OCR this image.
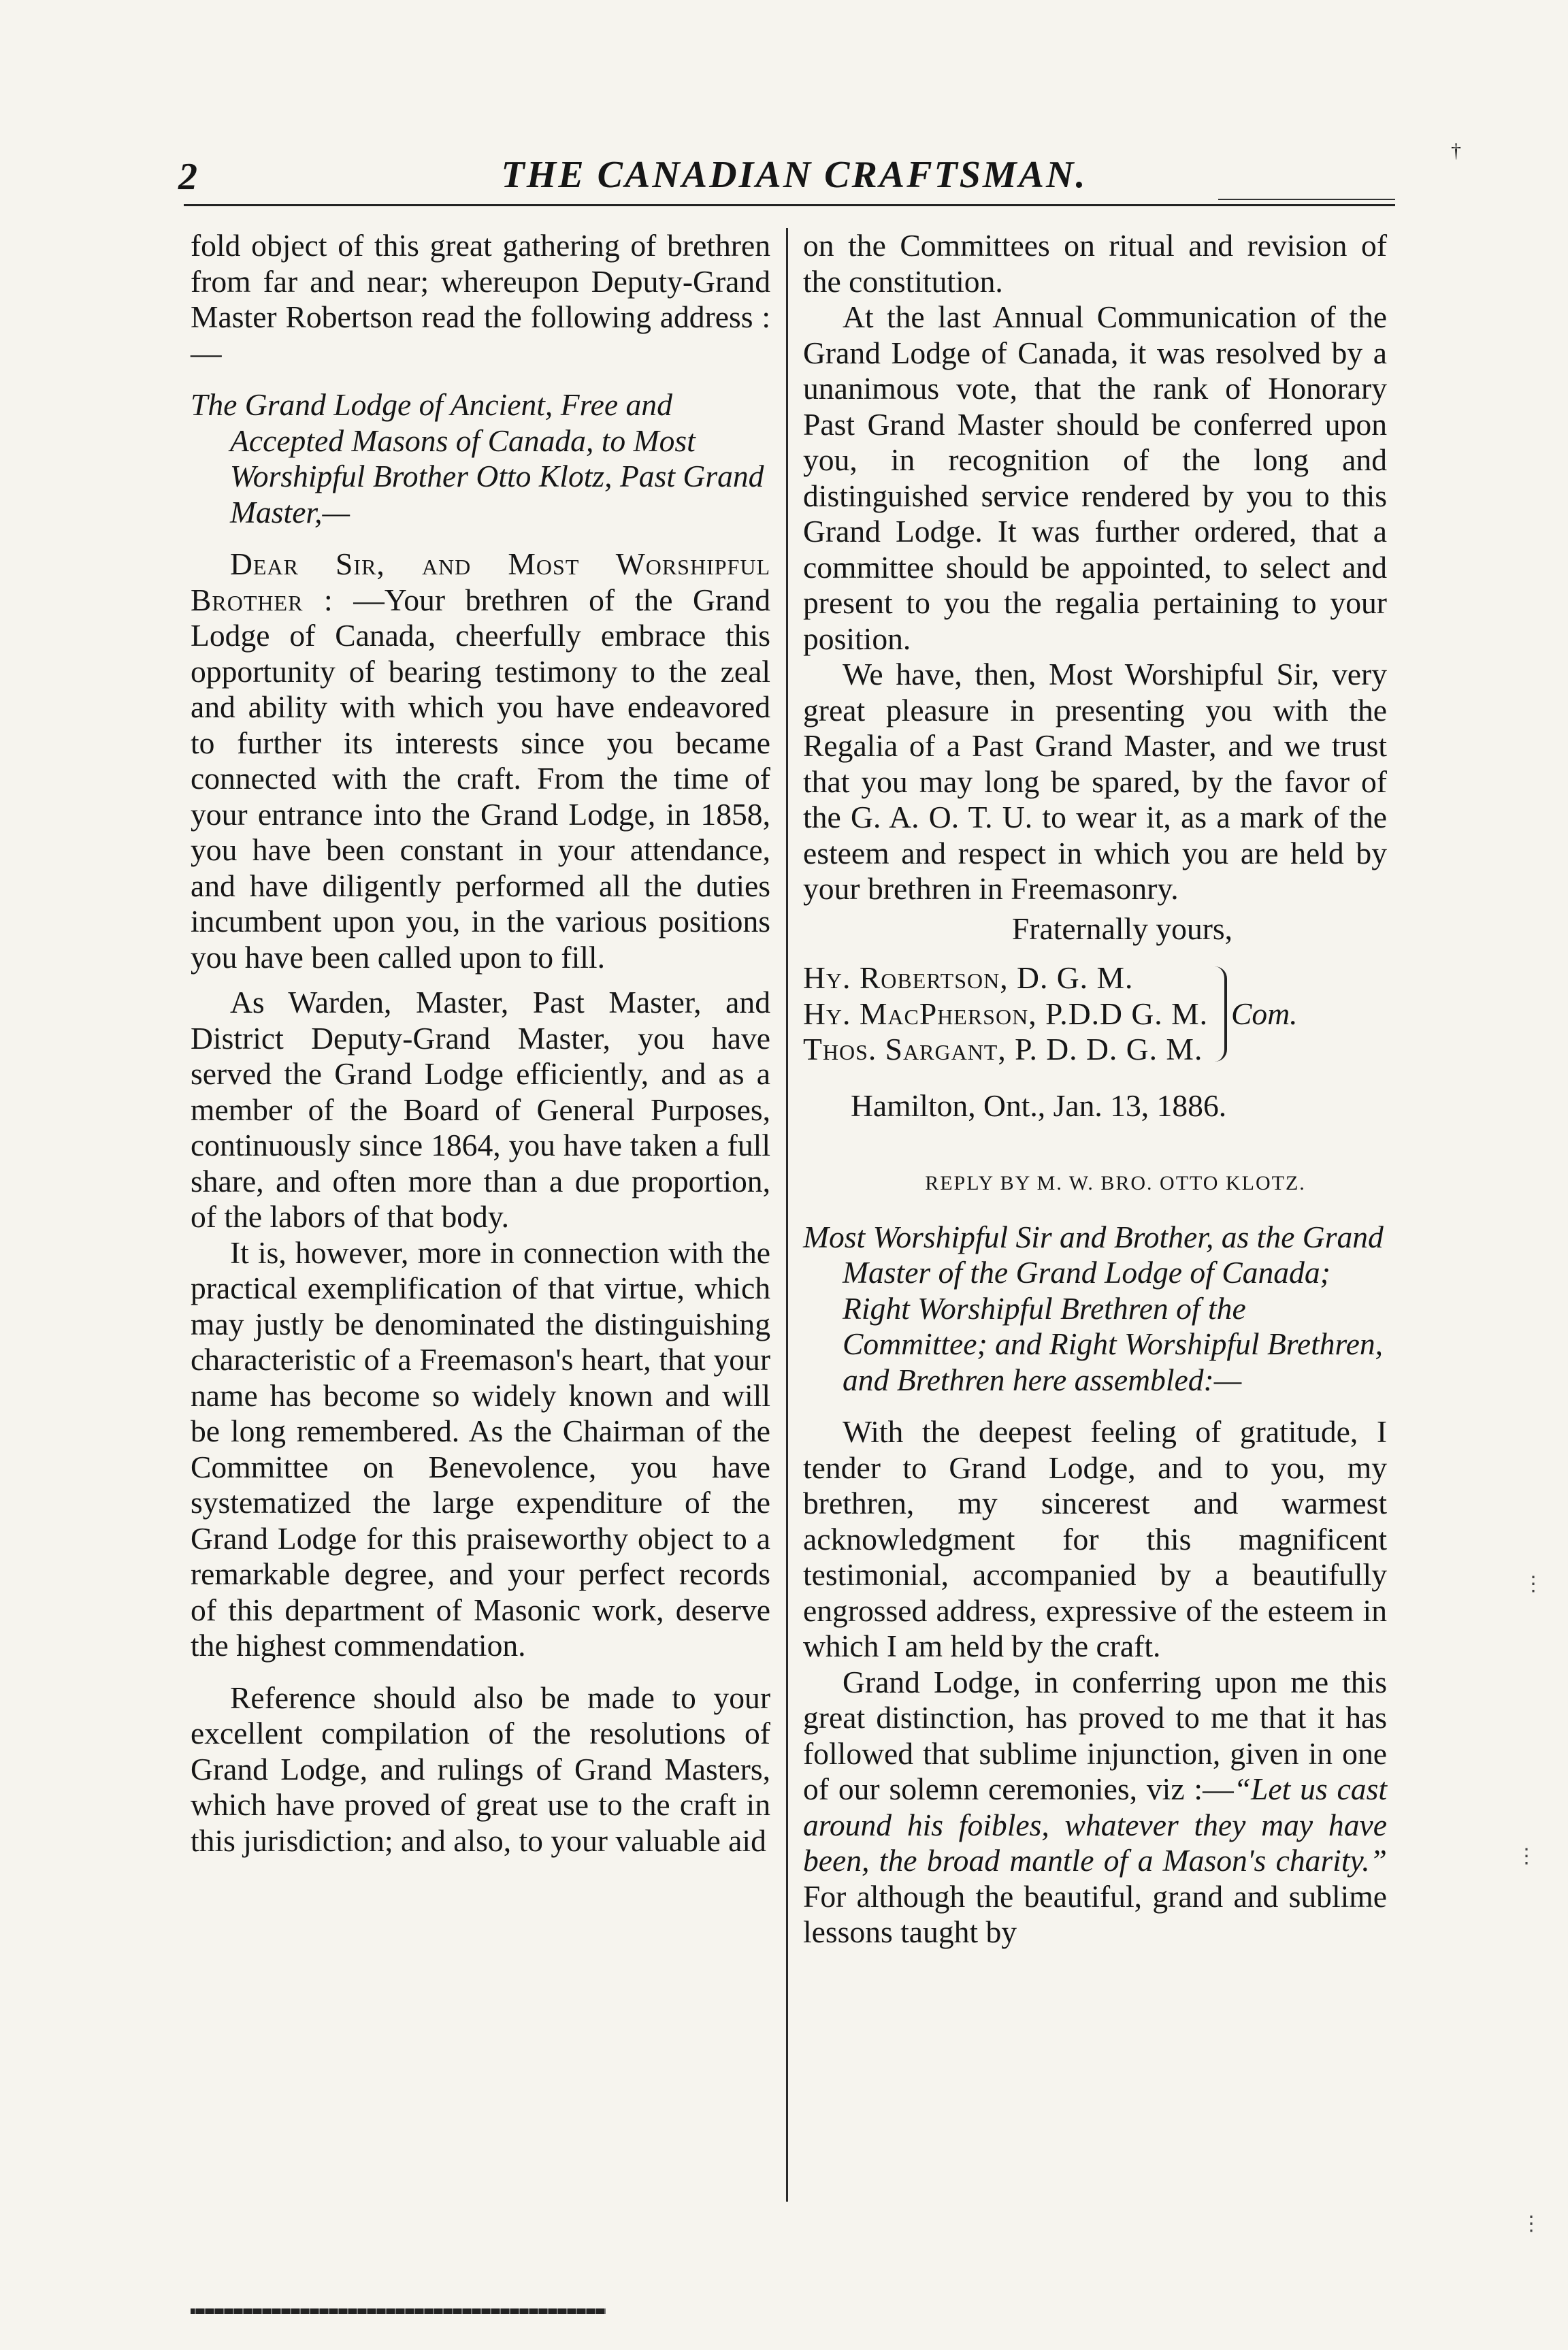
2	THE CANADIAN CRAFTSMAN.
†

fold object of this great gathering of brethren from far and near; whereupon Deputy-Grand Master Robertson read the following address :—

The Grand Lodge of Ancient, Free and Accepted Masons of Canada, to Most Worshipful Brother Otto Klotz, Past Grand Master,—

Dear Sir, and Most Worshipful Brother : —Your brethren of the Grand Lodge of Canada, cheerfully embrace this opportunity of bearing testimony to the zeal and ability with which you have endeavored to further its interests since you became connected with the craft. From the time of your entrance into the Grand Lodge, in 1858, you have been constant in your attendance, and have diligently performed all the duties incumbent upon you, in the various positions you have been called upon to fill.

As Warden, Master, Past Master, and District Deputy-Grand Master, you have served the Grand Lodge efficiently, and as a member of the Board of General Purposes, continuously since 1864, you have taken a full share, and often more than a due proportion, of the labors of that body.

It is, however, more in connection with the practical exemplification of that virtue, which may justly be denominated the distinguishing characteristic of a Freemason's heart, that your name has become so widely known and will be long remembered. As the Chairman of the Committee on Benevolence, you have systematized the large expenditure of the Grand Lodge for this praiseworthy object to a remarkable degree, and your perfect records of this department of Masonic work, deserve the highest commendation.

Reference should also be made to your excellent compilation of the resolutions of Grand Lodge, and rulings of Grand Masters, which have proved of great use to the craft in this jurisdiction; and also, to your valuable aid

on the Committees on ritual and revision of the constitution.

At the last Annual Communication of the Grand Lodge of Canada, it was resolved by a unanimous vote, that the rank of Honorary Past Grand Master should be conferred upon you, in recognition of the long and distinguished service rendered by you to this Grand Lodge. It was further ordered, that a committee should be appointed, to select and present to you the regalia pertaining to your position.

We have, then, Most Worshipful Sir, very great pleasure in presenting you with the Regalia of a Past Grand Master, and we trust that you may long be spared, by the favor of the G. A. O. T. U. to wear it, as a mark of the esteem and respect in which you are held by your brethren in Freemasonry.

Fraternally yours,

Hy. Robertson, D. G. M.
Hy. MacPherson, P.D.D G. M.
Thos. Sargant, P. D. D. G. M.
Com.

Hamilton, Ont., Jan. 13, 1886.

REPLY BY M. W. BRO. OTTO KLOTZ.

Most Worshipful Sir and Brother, as the Grand Master of the Grand Lodge of Canada; Right Worshipful Brethren of the Committee; and Right Worshipful Brethren, and Brethren here assembled:—

With the deepest feeling of gratitude, I tender to Grand Lodge, and to you, my brethren, my sincerest and warmest acknowledgment for this magnificent testimonial, accompanied by a beautifully engrossed address, expressive of the esteem in which I am held by the craft.

Grand Lodge, in conferring upon me this great distinction, has proved to me that it has followed that sublime injunction, given in one of our solemn ceremonies, viz :—“Let us cast around his foibles, whatever they may have been, the broad mantle of a Mason's charity.” For although the beautiful, grand and sublime lessons taught by

⋮
⋮
⋮
